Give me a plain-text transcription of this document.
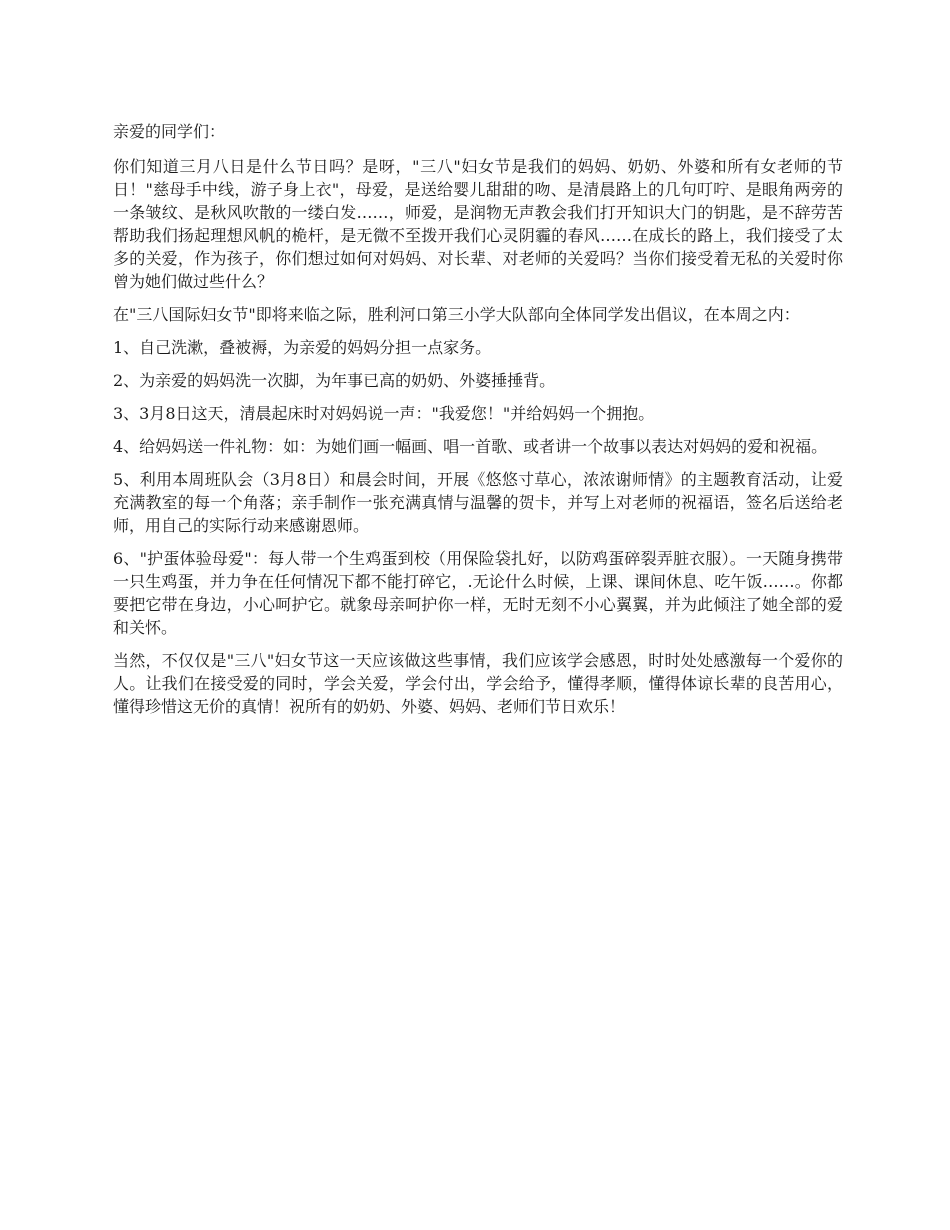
亲爱的同学们：

你们知道三月八日是什么节日吗？是呀，"三八"妇女节是我们的妈妈、奶奶、外婆和所有女老师的节日！"慈母手中线，游子身上衣"，母爱，是送给婴儿甜甜的吻、是清晨路上的几句叮咛、是眼角两旁的一条皱纹、是秋风吹散的一缕白发……，师爱，是润物无声教会我们打开知识大门的钥匙，是不辞劳苦帮助我们扬起理想风帆的桅杆，是无微不至拨开我们心灵阴霾的春风……在成长的路上，我们接受了太多的关爱，作为孩子，你们想过如何对妈妈、对长辈、对老师的关爱吗？当你们接受着无私的关爱时你曾为她们做过些什么？

在"三八国际妇女节"即将来临之际，胜利河口第三小学大队部向全体同学发出倡议，在本周之内：

1、自己洗漱，叠被褥，为亲爱的妈妈分担一点家务。

2、为亲爱的妈妈洗一次脚，为年事已高的奶奶、外婆捶捶背。

3、3月8日这天，清晨起床时对妈妈说一声："我爱您！"并给妈妈一个拥抱。

4、给妈妈送一件礼物：如：为她们画一幅画、唱一首歌、或者讲一个故事以表达对妈妈的爱和祝福。

5、利用本周班队会（3月8日）和晨会时间，开展《悠悠寸草心，浓浓谢师情》的主题教育活动，让爱充满教室的每一个角落；亲手制作一张充满真情与温馨的贺卡，并写上对老师的祝福语，签名后送给老师，用自己的实际行动来感谢恩师。

6、"护蛋体验母爱"：每人带一个生鸡蛋到校（用保险袋扎好，以防鸡蛋碎裂弄脏衣服）。一天随身携带一只生鸡蛋，并力争在任何情况下都不能打碎它，.无论什么时候，上课、课间休息、吃午饭……。你都要把它带在身边，小心呵护它。就象母亲呵护你一样，无时无刻不小心翼翼，并为此倾注了她全部的爱和关怀。

当然，不仅仅是"三八"妇女节这一天应该做这些事情，我们应该学会感恩，时时处处感激每一个爱你的人。让我们在接受爱的同时，学会关爱，学会付出，学会给予，懂得孝顺，懂得体谅长辈的良苦用心，懂得珍惜这无价的真情！祝所有的奶奶、外婆、妈妈、老师们节日欢乐！
